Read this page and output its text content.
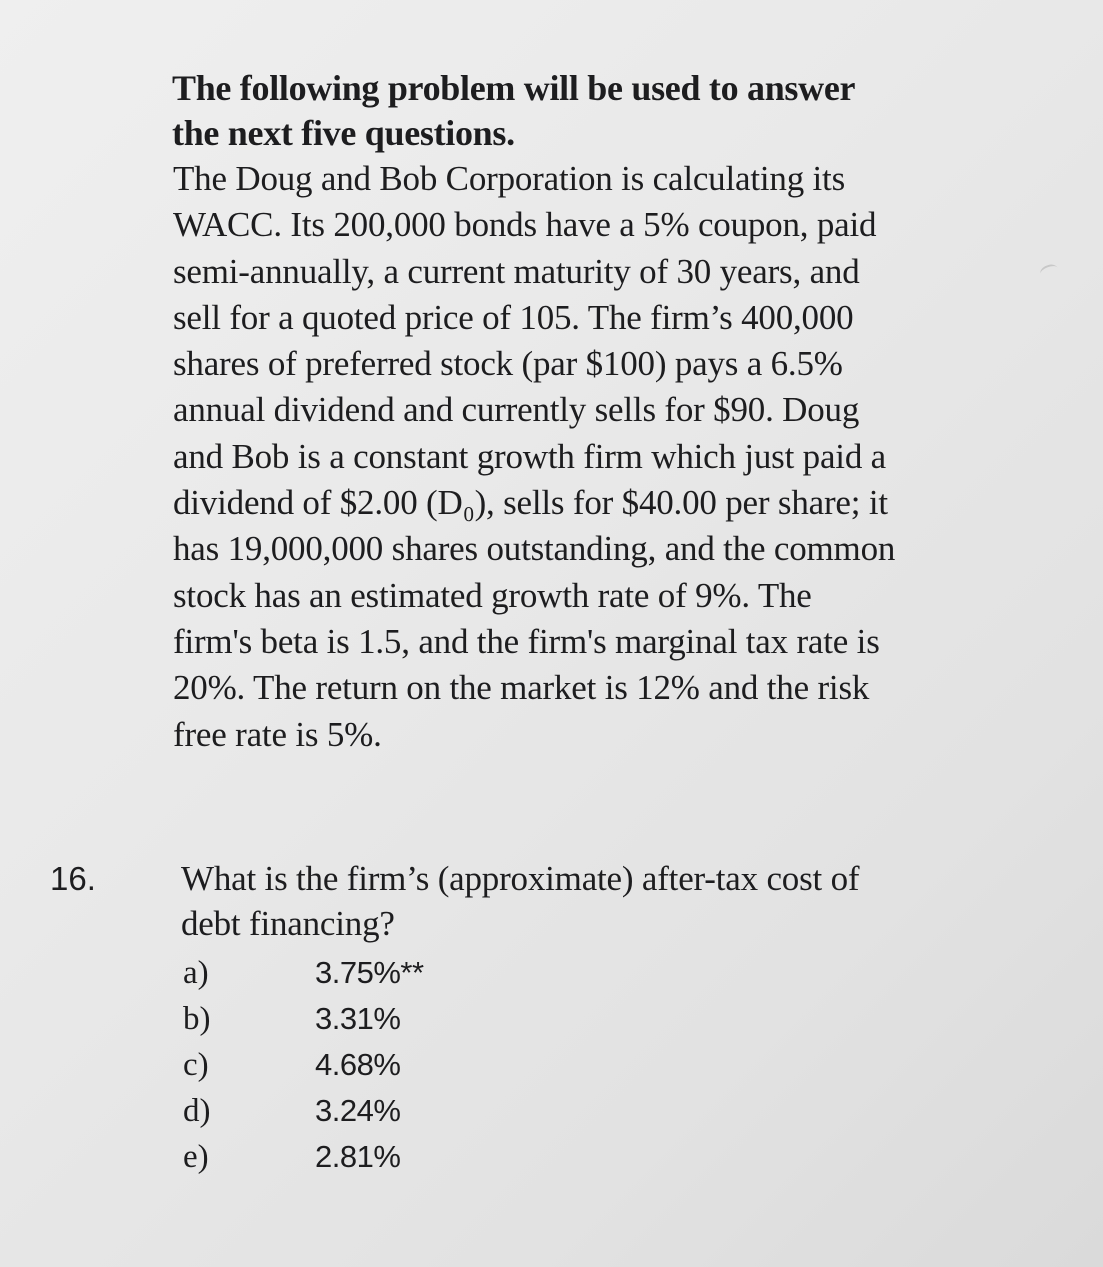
The following problem will be used to answer
the next five questions.

The Doug and Bob Corporation is calculating its
WACC. Its 200,000 bonds have a 5% coupon, paid
semi-annually, a current maturity of 30 years, and
sell for a quoted price of 105. The firm’s 400,000
shares of preferred stock (par $100) pays a 6.5%
annual dividend and currently sells for $90. Doug
and Bob is a constant growth firm which just paid a
dividend of $2.00 (D₀), sells for $40.00 per share; it
has 19,000,000 shares outstanding, and the common
stock has an estimated growth rate of 9%. The
firm's beta is 1.5, and the firm's marginal tax rate is
20%. The return on the market is 12% and the risk
free rate is 5%.

16. What is the firm’s (approximate) after-tax cost of
debt financing?

a)	3.75%**
b)	3.31%
c)	4.68%
d)	3.24%
e)	2.81%
